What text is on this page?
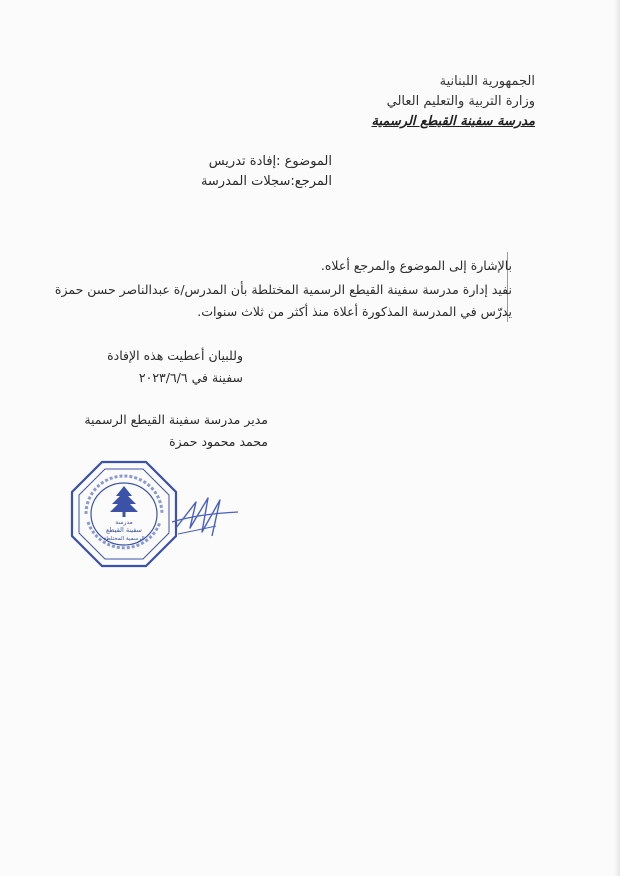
الجمهورية اللبنانية
وزارة التربية والتعليم العالي
مدرسة سفينة القيطع الرسمية
الموضوع :إفادة تدريس
المرجع:سجلات المدرسة
بالإشارة إلى الموضوع والمرجع أعلاه.
نفيد إدارة مدرسة سفينة القيطع الرسمية المختلطة بأن المدرس/ة عبدالناصر حسن حمزة
يدرّس في المدرسة المذكورة أعلاة منذ أكثر من ثلاث سنوات.
وللبيان أعطيت هذه الإفادة
سفينة في ٢٠٢٣/٦/٦
مدير مدرسة سفينة القيطع الرسمية
محمد محمود حمزة
مدرسة
سفينة القيطع
الرسمية المختلطة
